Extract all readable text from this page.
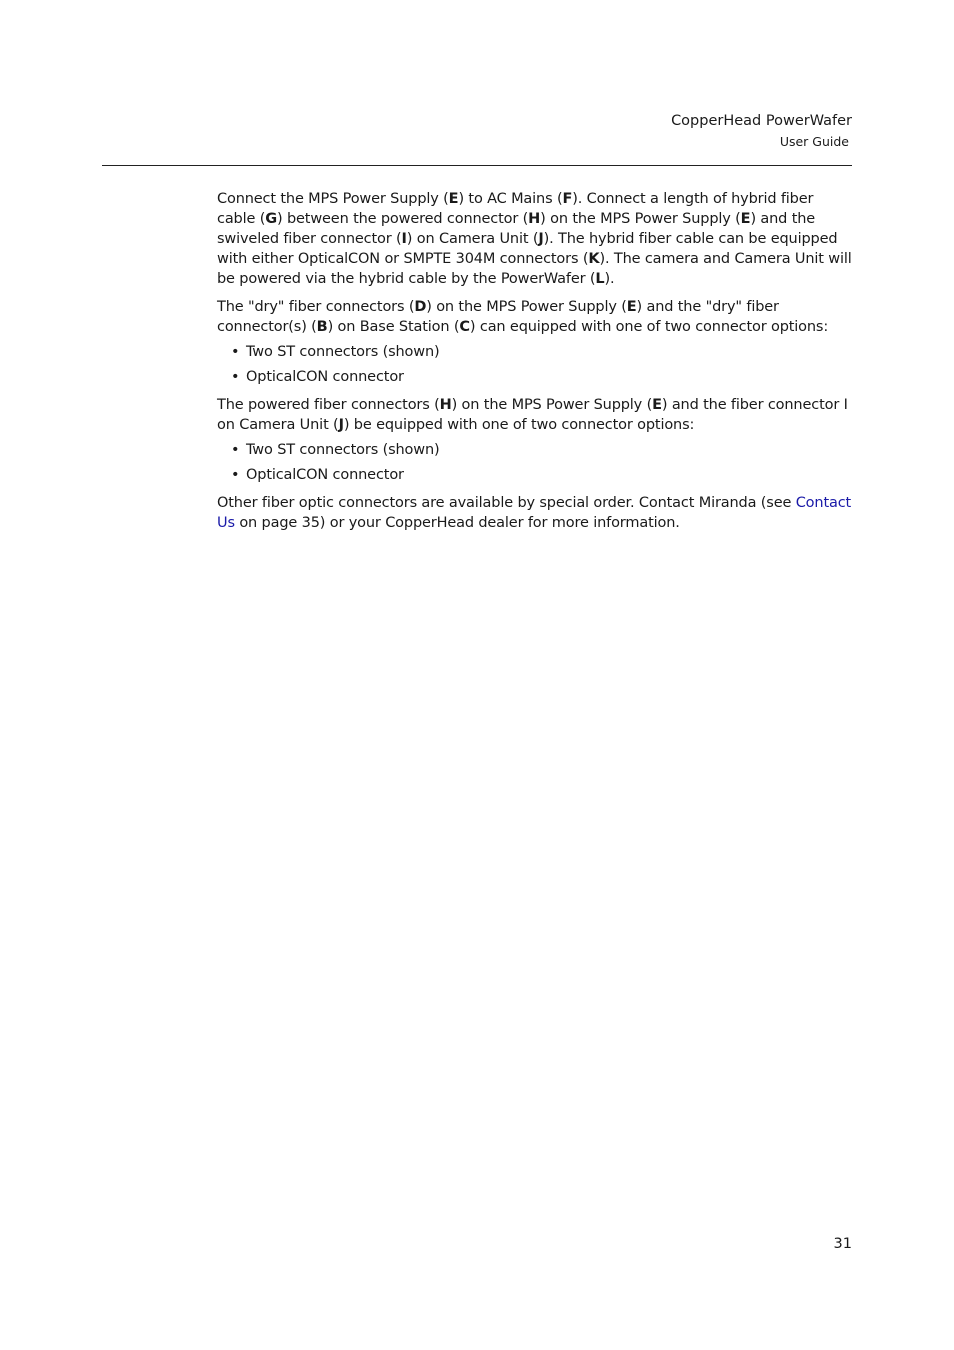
CopperHead PowerWafer
User Guide

Connect the MPS Power Supply (E) to AC Mains (F). Connect a length of hybrid fiber cable (G) between the powered connector (H) on the MPS Power Supply (E) and the swiveled fiber connector (I) on Camera Unit (J). The hybrid fiber cable can be equipped with either OpticalCON or SMPTE 304M connectors (K). The camera and Camera Unit will be powered via the hybrid cable by the PowerWafer (L).

The "dry" fiber connectors (D) on the MPS Power Supply (E) and the "dry" fiber connector(s) (B) on Base Station (C) can equipped with one of two connector options:

• Two ST connectors (shown)
• OpticalCON connector

The powered fiber connectors (H) on the MPS Power Supply (E) and the fiber connector I on Camera Unit (J) be equipped with one of two connector options:

• Two ST connectors (shown)
• OpticalCON connector

Other fiber optic connectors are available by special order. Contact Miranda (see Contact Us on page 35) or your CopperHead dealer for more information.

31
